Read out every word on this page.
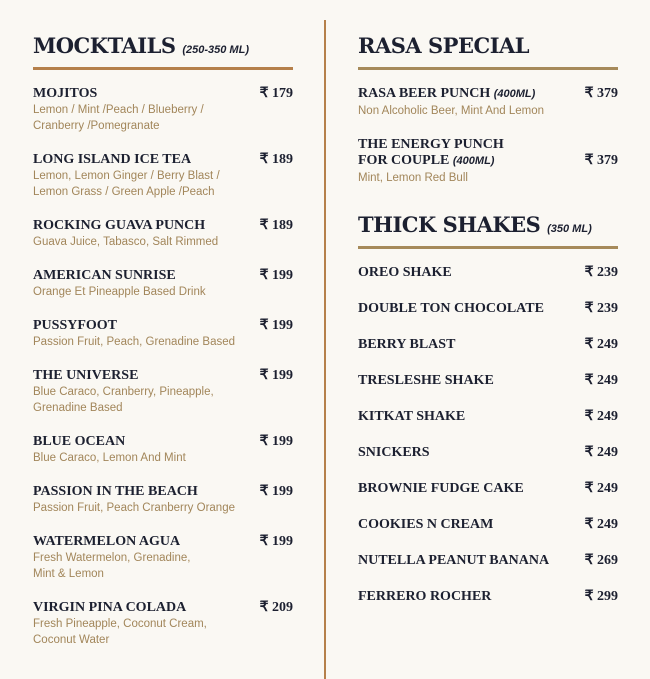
MOCKTAILS (250-350 ML)
MOJITOS	₹ 179
Lemon / Mint /Peach / Blueberry /
Cranberry /Pomegranate
LONG ISLAND ICE TEA	₹ 189
Lemon, Lemon Ginger / Berry Blast /
Lemon Grass / Green Apple /Peach
ROCKING GUAVA PUNCH	₹ 189
Guava Juice, Tabasco, Salt Rimmed
AMERICAN SUNRISE	₹ 199
Orange Et Pineapple Based Drink
PUSSYFOOT	₹ 199
Passion Fruit, Peach, Grenadine Based
THE UNIVERSE	₹ 199
Blue Caraco, Cranberry, Pineapple,
Grenadine Based
BLUE OCEAN	₹ 199
Blue Caraco, Lemon And Mint
PASSION IN THE BEACH	₹ 199
Passion Fruit, Peach Cranberry Orange
WATERMELON AGUA	₹ 199
Fresh Watermelon, Grenadine,
Mint & Lemon
VIRGIN PINA COLADA	₹ 209
Fresh Pineapple, Coconut Cream,
Coconut Water
RASA SPECIAL
RASA BEER PUNCH (400ML)	₹ 379
Non Alcoholic Beer, Mint And Lemon
THE ENERGY PUNCH
FOR COUPLE (400ML)	₹ 379
Mint, Lemon Red Bull
THICK SHAKES (350 ML)
OREO SHAKE	₹ 239
DOUBLE TON CHOCOLATE	₹ 239
BERRY BLAST	₹ 249
TRESLESHE SHAKE	₹ 249
KITKAT SHAKE	₹ 249
SNICKERS	₹ 249
BROWNIE FUDGE CAKE	₹ 249
COOKIES N CREAM	₹ 249
NUTELLA PEANUT BANANA	₹ 269
FERRERO ROCHER	₹ 299
